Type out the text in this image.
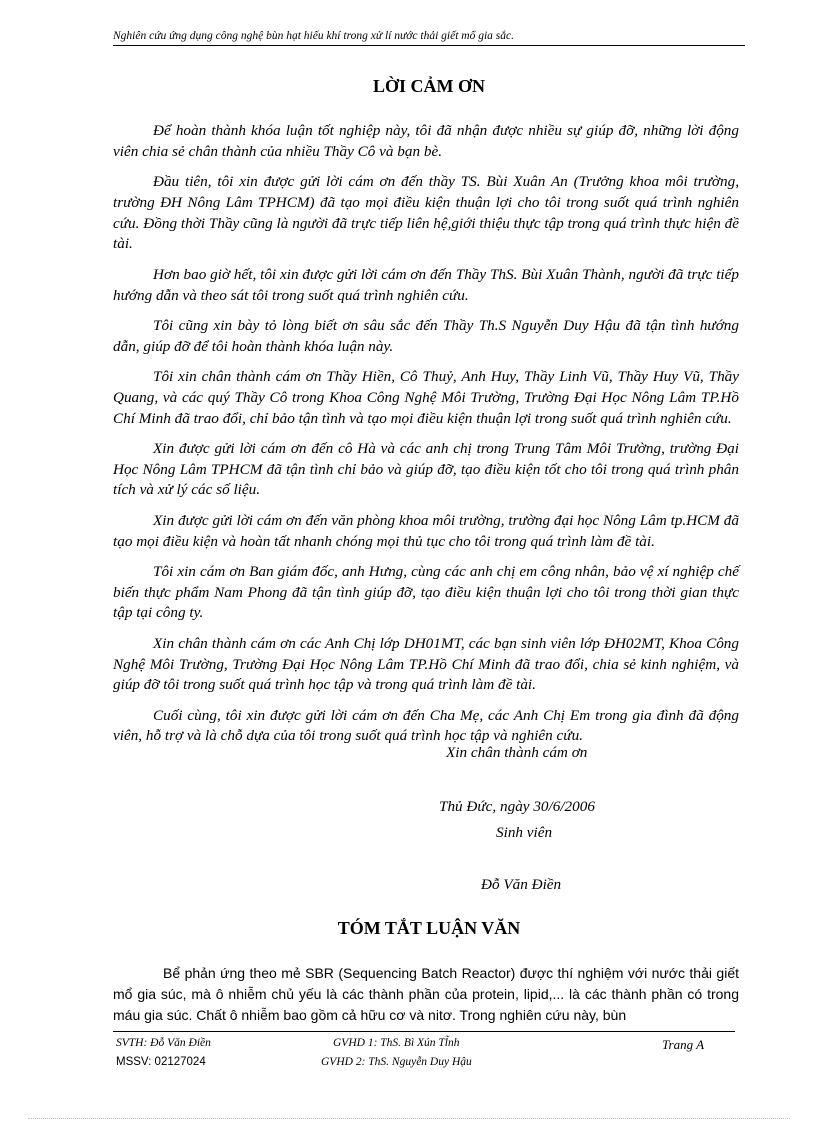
Nghiên cứu ứng dụng công nghệ bùn hạt hiếu khí trong xử lí nước thải giết mổ gia sắc.
LỜI CẢM ƠN

Để hoàn thành khóa luận tốt nghiệp này, tôi đã nhận được nhiều sự giúp đỡ, những lời động viên chia sẻ chân thành của nhiều Thầy Cô và bạn bè.

Đầu tiên, tôi xin được gửi lời cám ơn đến thầy TS. Bùi Xuân An (Trưởng khoa môi trường, trường ĐH Nông Lâm TPHCM) đã tạo mọi điều kiện thuận lợi cho tôi trong suốt quá trình nghiên cứu. Đồng thời Thầy cũng là người đã trực tiếp liên hệ,giới thiệu thực tập trong quá trình thực hiện đề tài.

Hơn bao giờ hết, tôi xin được gửi lời cám ơn đến Thầy ThS. Bùi Xuân Thành, người đã trực tiếp hướng dẫn và theo sát tôi trong suốt quá trình nghiên cứu.

Tôi cũng xin bày tỏ lòng biết ơn sâu sắc đến Thầy Th.S Nguyễn Duy Hậu đã tận tình hướng dẫn, giúp đỡ để tôi hoàn thành khóa luận này.

Tôi xin chân thành cám ơn Thầy Hiền, Cô Thuỷ, Anh Huy, Thầy Linh Vũ, Thầy Huy Vũ, Thầy Quang, và các quý Thầy Cô trong Khoa Công Nghệ Môi Trường, Trường Đại Học Nông Lâm TP.Hồ Chí Minh đã trao đổi, chỉ bảo tận tình và tạo mọi điều kiện thuận lợi trong suốt quá trình nghiên cứu.

Xin được gửi lời cám ơn đến cô Hà và các anh chị trong Trung Tâm Môi Trường, trường Đại Học Nông Lâm TPHCM đã tận tình chỉ bảo và giúp đỡ, tạo điều kiện tốt cho tôi trong quá trình phân tích và xử lý các số liệu.

Xin được gửi lời cám ơn đến văn phòng khoa môi trường, trường đại học Nông Lâm tp.HCM đã tạo mọi điều kiện và hoàn tất nhanh chóng mọi thủ tục cho tôi trong quá trình làm đề tài.

Tôi xin cám ơn Ban giám đốc, anh Hưng, cùng các anh chị em công nhân, bảo vệ xí nghiệp chế biến thực phẩm Nam Phong đã tận tình giúp đỡ, tạo điều kiện thuận lợi cho tôi trong thời gian thực tập tại công ty.

Xin chân thành cám ơn các Anh Chị lớp DH01MT, các bạn sinh viên lớp ĐH02MT, Khoa Công Nghệ Môi Trường, Trường Đại Học Nông Lâm TP.Hồ Chí Minh đã trao đổi, chia sẻ kinh nghiệm, và giúp đỡ tôi trong suốt quá trình học tập và trong quá trình làm đề tài.

Cuối cùng, tôi xin được gửi lời cám ơn đến Cha Mẹ, các Anh Chị Em trong gia đình đã động viên, hỗ trợ và là chỗ dựa của tôi trong suốt quá trình học tập và nghiên cứu.

Xin chân thành cám ơn
Thủ Đức, ngày 30/6/2006
Sinh viên
Đỗ Văn Điền
TÓM TẮT LUẬN VĂN

Bể phản ứng theo mẻ SBR (Sequencing Batch Reactor) được thí nghiệm với nước thải giết mổ gia súc, mà ô nhiễm chủ yếu là các thành phần của protein, lipid,... là các thành phần có trong máu gia súc. Chất ô nhiễm bao gồm cả hữu cơ và nitơ. Trong nghiên cứu này, bùn

SVTH: Đỗ Văn Điền	GVHD 1: ThS. Bì Xún Tl̃nh	Trang A
MSSV: 02127024	GVHD 2: ThS. Nguyễn Duy Hậu
